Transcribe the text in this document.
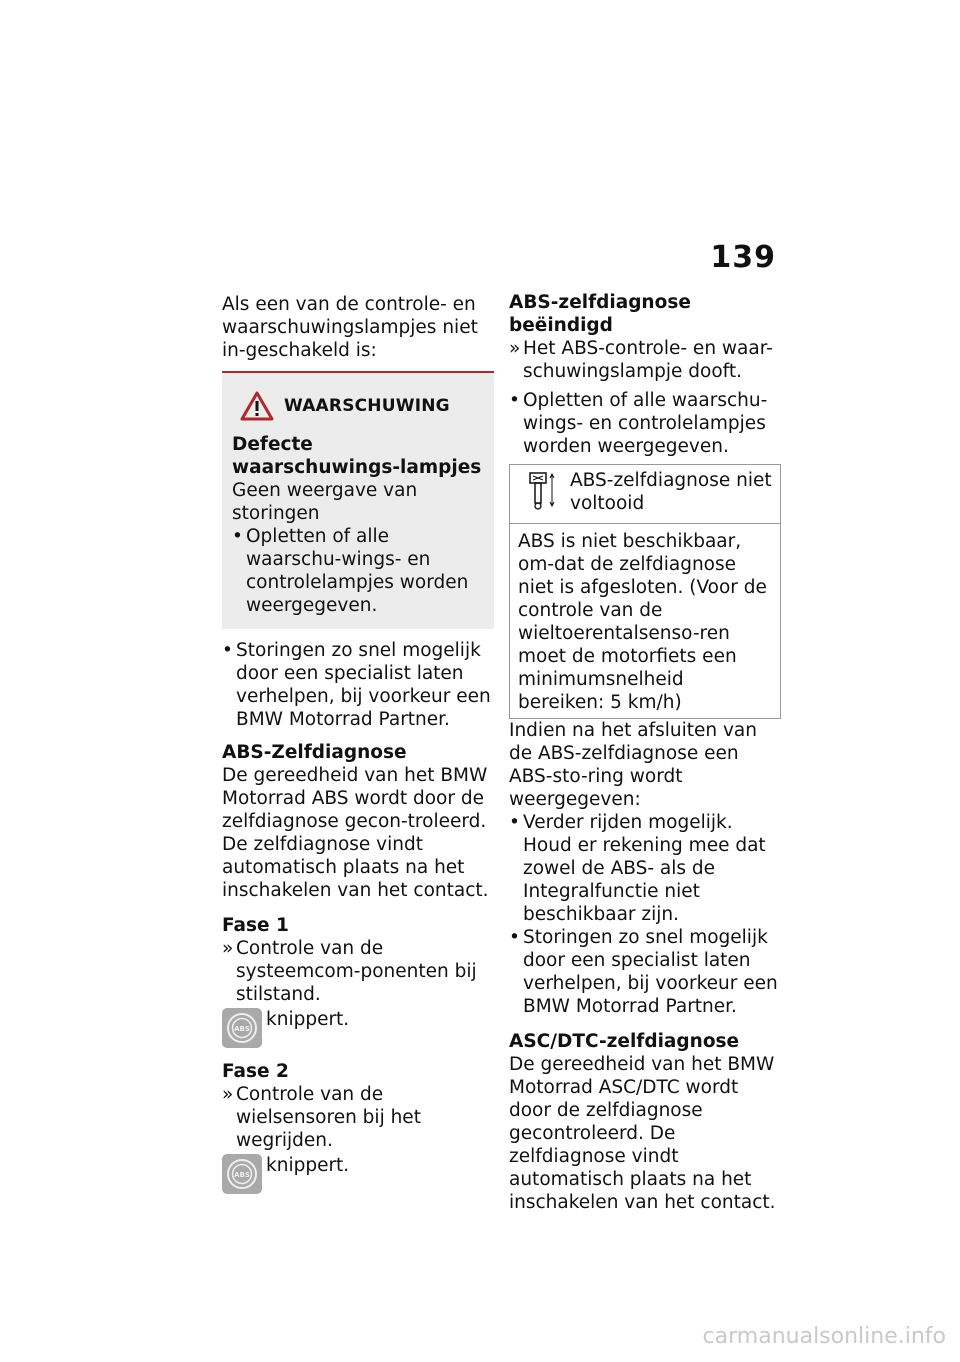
139

Als een van de controle- en waarschuwingslampjes niet in-geschakeld is:

WAARSCHUWING

Defecte waarschuwings-lampjes

Geen weergave van storingen

• Opletten of alle waarschu-wings- en controlelampjes worden weergegeven.

• Storingen zo snel mogelijk door een specialist laten verhelpen, bij voorkeur een BMW Motorrad Partner.

ABS-Zelfdiagnose

De gereedheid van het BMW Motorrad ABS wordt door de zelfdiagnose gecon-troleerd. De zelfdiagnose vindt automatisch plaats na het inschakelen van het contact.

Fase 1

» Controle van de systeemcom-ponenten bij stilstand.

ABS knippert.

Fase 2

» Controle van de wielsensoren bij het wegrijden.

ABS knippert.

ABS-zelfdiagnose beëindigd

» Het ABS-controle- en waar-schuwingslampje dooft.

• Opletten of alle waarschu-wings- en controlelampjes worden weergegeven.

ABS-zelfdiagnose niet voltooid

ABS is niet beschikbaar, om-dat de zelfdiagnose niet is afgesloten. (Voor de controle van de wieltoerentalsenso-ren moet de motorfiets een minimumsnelheid bereiken: 5 km/h)

Indien na het afsluiten van de ABS-zelfdiagnose een ABS-sto-ring wordt weergegeven:

• Verder rijden mogelijk. Houd er rekening mee dat zowel de ABS- als de Integralfunctie niet beschikbaar zijn.

• Storingen zo snel mogelijk door een specialist laten verhelpen, bij voorkeur een BMW Motorrad Partner.

ASC/DTC-zelfdiagnose

De gereedheid van het BMW Motorrad ASC/DTC wordt door de zelfdiagnose gecontroleerd. De zelfdiagnose vindt automatisch plaats na het inschakelen van het contact.

carmanualsonline.info
